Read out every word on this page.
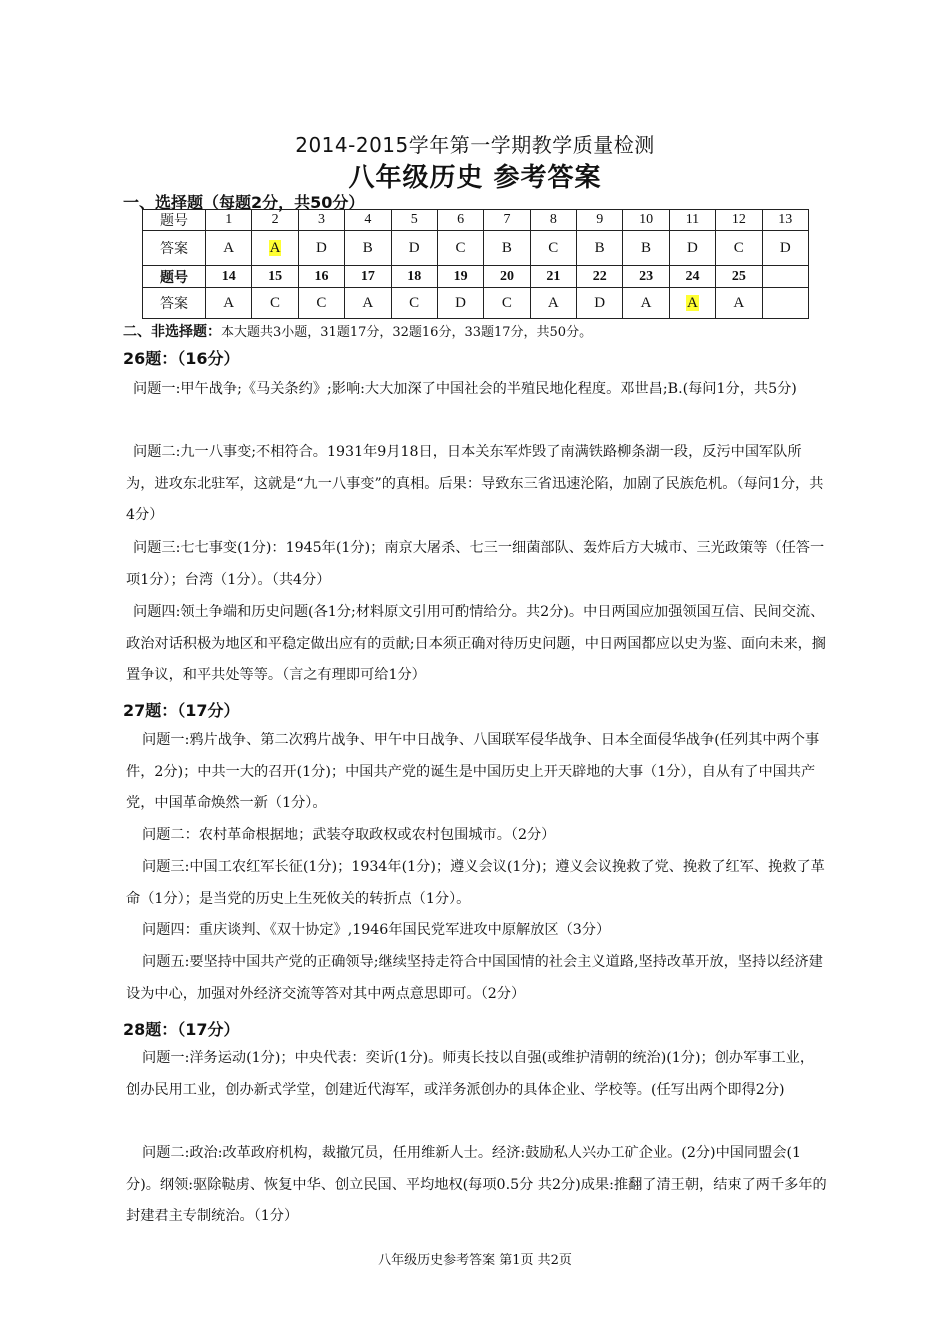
2014-2015学年第一学期教学质量检测
八年级历史 参考答案
一、选择题（每题2分，共50分）
题号	1	2	3	4	5	6	7	8	9	10	11	12	13
答案	A	A	D	B	D	C	B	C	B	B	D	C	D
题号	14	15	16	17	18	19	20	21	22	23	24	25	
答案	A	C	C	A	C	D	C	A	D	A	A	A	
二、非选择题：本大题共3小题，31题17分，32题16分，33题17分，共50分。
26题：（16分）

问题一:甲午战争;《马关条约》;影响:大大加深了中国社会的半殖民地化程度。邓世昌;B.(每问1分，共5分)

问题二:九一八事变;不相符合。1931年9月18日，日本关东军炸毁了南满铁路柳条湖一段，反污中国军队所为，进攻东北驻军，这就是“九一八事变”的真相。后果：导致东三省迅速沦陷，加剧了民族危机。（每问1分，共4分）

问题三:七七事变(1分)：1945年(1分)；南京大屠杀、七三一细菌部队、轰炸后方大城市、三光政策等（任答一项1分）；台湾（1分）。（共4分）

问题四:领土争端和历史问题(各1分;材料原文引用可酌情给分。共2分)。中日两国应加强领国互信、民间交流、政治对话积极为地区和平稳定做出应有的贡献;日本须正确对待历史问题，中日两国都应以史为鉴、面向未来，搁置争议，和平共处等等。（言之有理即可给1分）

27题：（17分）

问题一:鸦片战争、第二次鸦片战争、甲午中日战争、八国联军侵华战争、日本全面侵华战争(任列其中两个事件，2分)；中共一大的召开(1分)；中国共产党的诞生是中国历史上开天辟地的大事（1分），自从有了中国共产党，中国革命焕然一新（1分）。

问题二：农村革命根据地；武装夺取政权或农村包围城市。（2分）

问题三:中国工农红军长征(1分)；1934年(1分)；遵义会议(1分)；遵义会议挽救了党、挽救了红军、挽救了革命（1分）；是当党的历史上生死攸关的转折点（1分）。

问题四：重庆谈判、《双十协定》,1946年国民党军进攻中原解放区（3分）

问题五:要坚持中国共产党的正确领导;继续坚持走符合中国国情的社会主义道路,坚持改革开放，坚持以经济建设为中心，加强对外经济交流等答对其中两点意思即可。（2分）

28题：（17分）

问题一:洋务运动(1分)；中央代表：奕䜣(1分)。师夷长技以自强(或维护清朝的统治)(1分)；创办军事工业，创办民用工业，创办新式学堂，创建近代海军，或洋务派创办的具体企业、学校等。(任写出两个即得2分)

问题二:政治:改革政府机构，裁撤冗员，任用维新人士。经济:鼓励私人兴办工矿企业。(2分)中国同盟会(1分)。纲领:驱除鞑虏、恢复中华、创立民国、平均地权(每项0.5分 共2分)成果:推翻了清王朝，结束了两千多年的封建君主专制统治。（1分）

八年级历史参考答案 第1页 共2页
